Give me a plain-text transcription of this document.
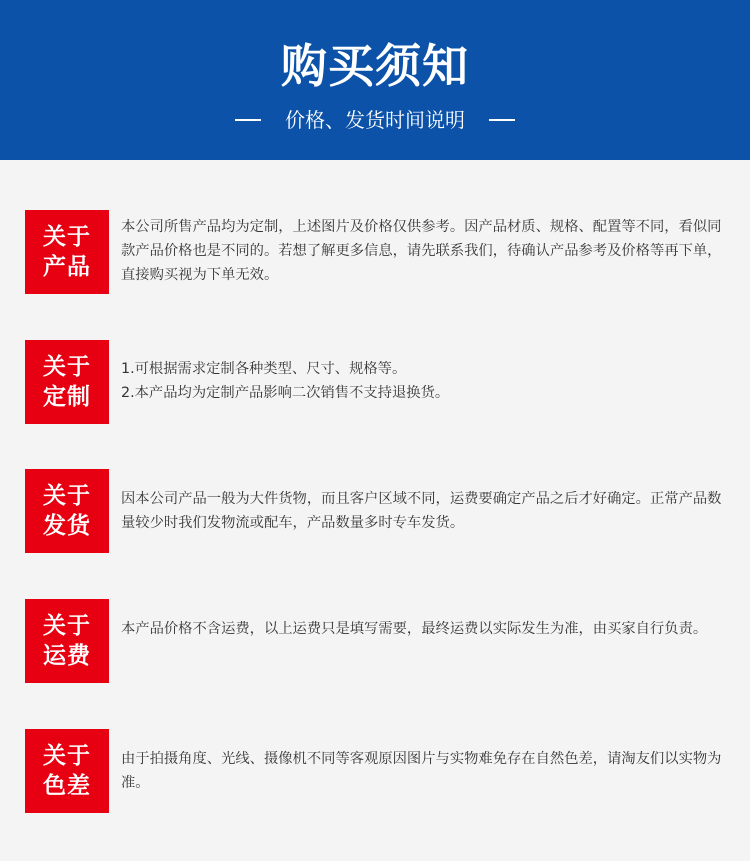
购买须知
价格、发货时间说明
关于
产品

本公司所售产品均为定制，上述图片及价格仅供参考。因产品材质、规格、配置等不同，看似同款产品价格也是不同的。若想了解更多信息，请先联系我们，待确认产品参考及价格等再下单，直接购买视为下单无效。

关于
定制

1.可根据需求定制各种类型、尺寸、规格等。

2.本产品均为定制产品影响二次销售不支持退换货。

关于
发货

因本公司产品一般为大件货物，而且客户区域不同，运费要确定产品之后才好确定。正常产品数量较少时我们发物流或配车，产品数量多时专车发货。

关于
运费

本产品价格不含运费，以上运费只是填写需要，最终运费以实际发生为准，由买家自行负责。

关于
色差

由于拍摄角度、光线、摄像机不同等客观原因图片与实物难免存在自然色差，请淘友们以实物为准。
